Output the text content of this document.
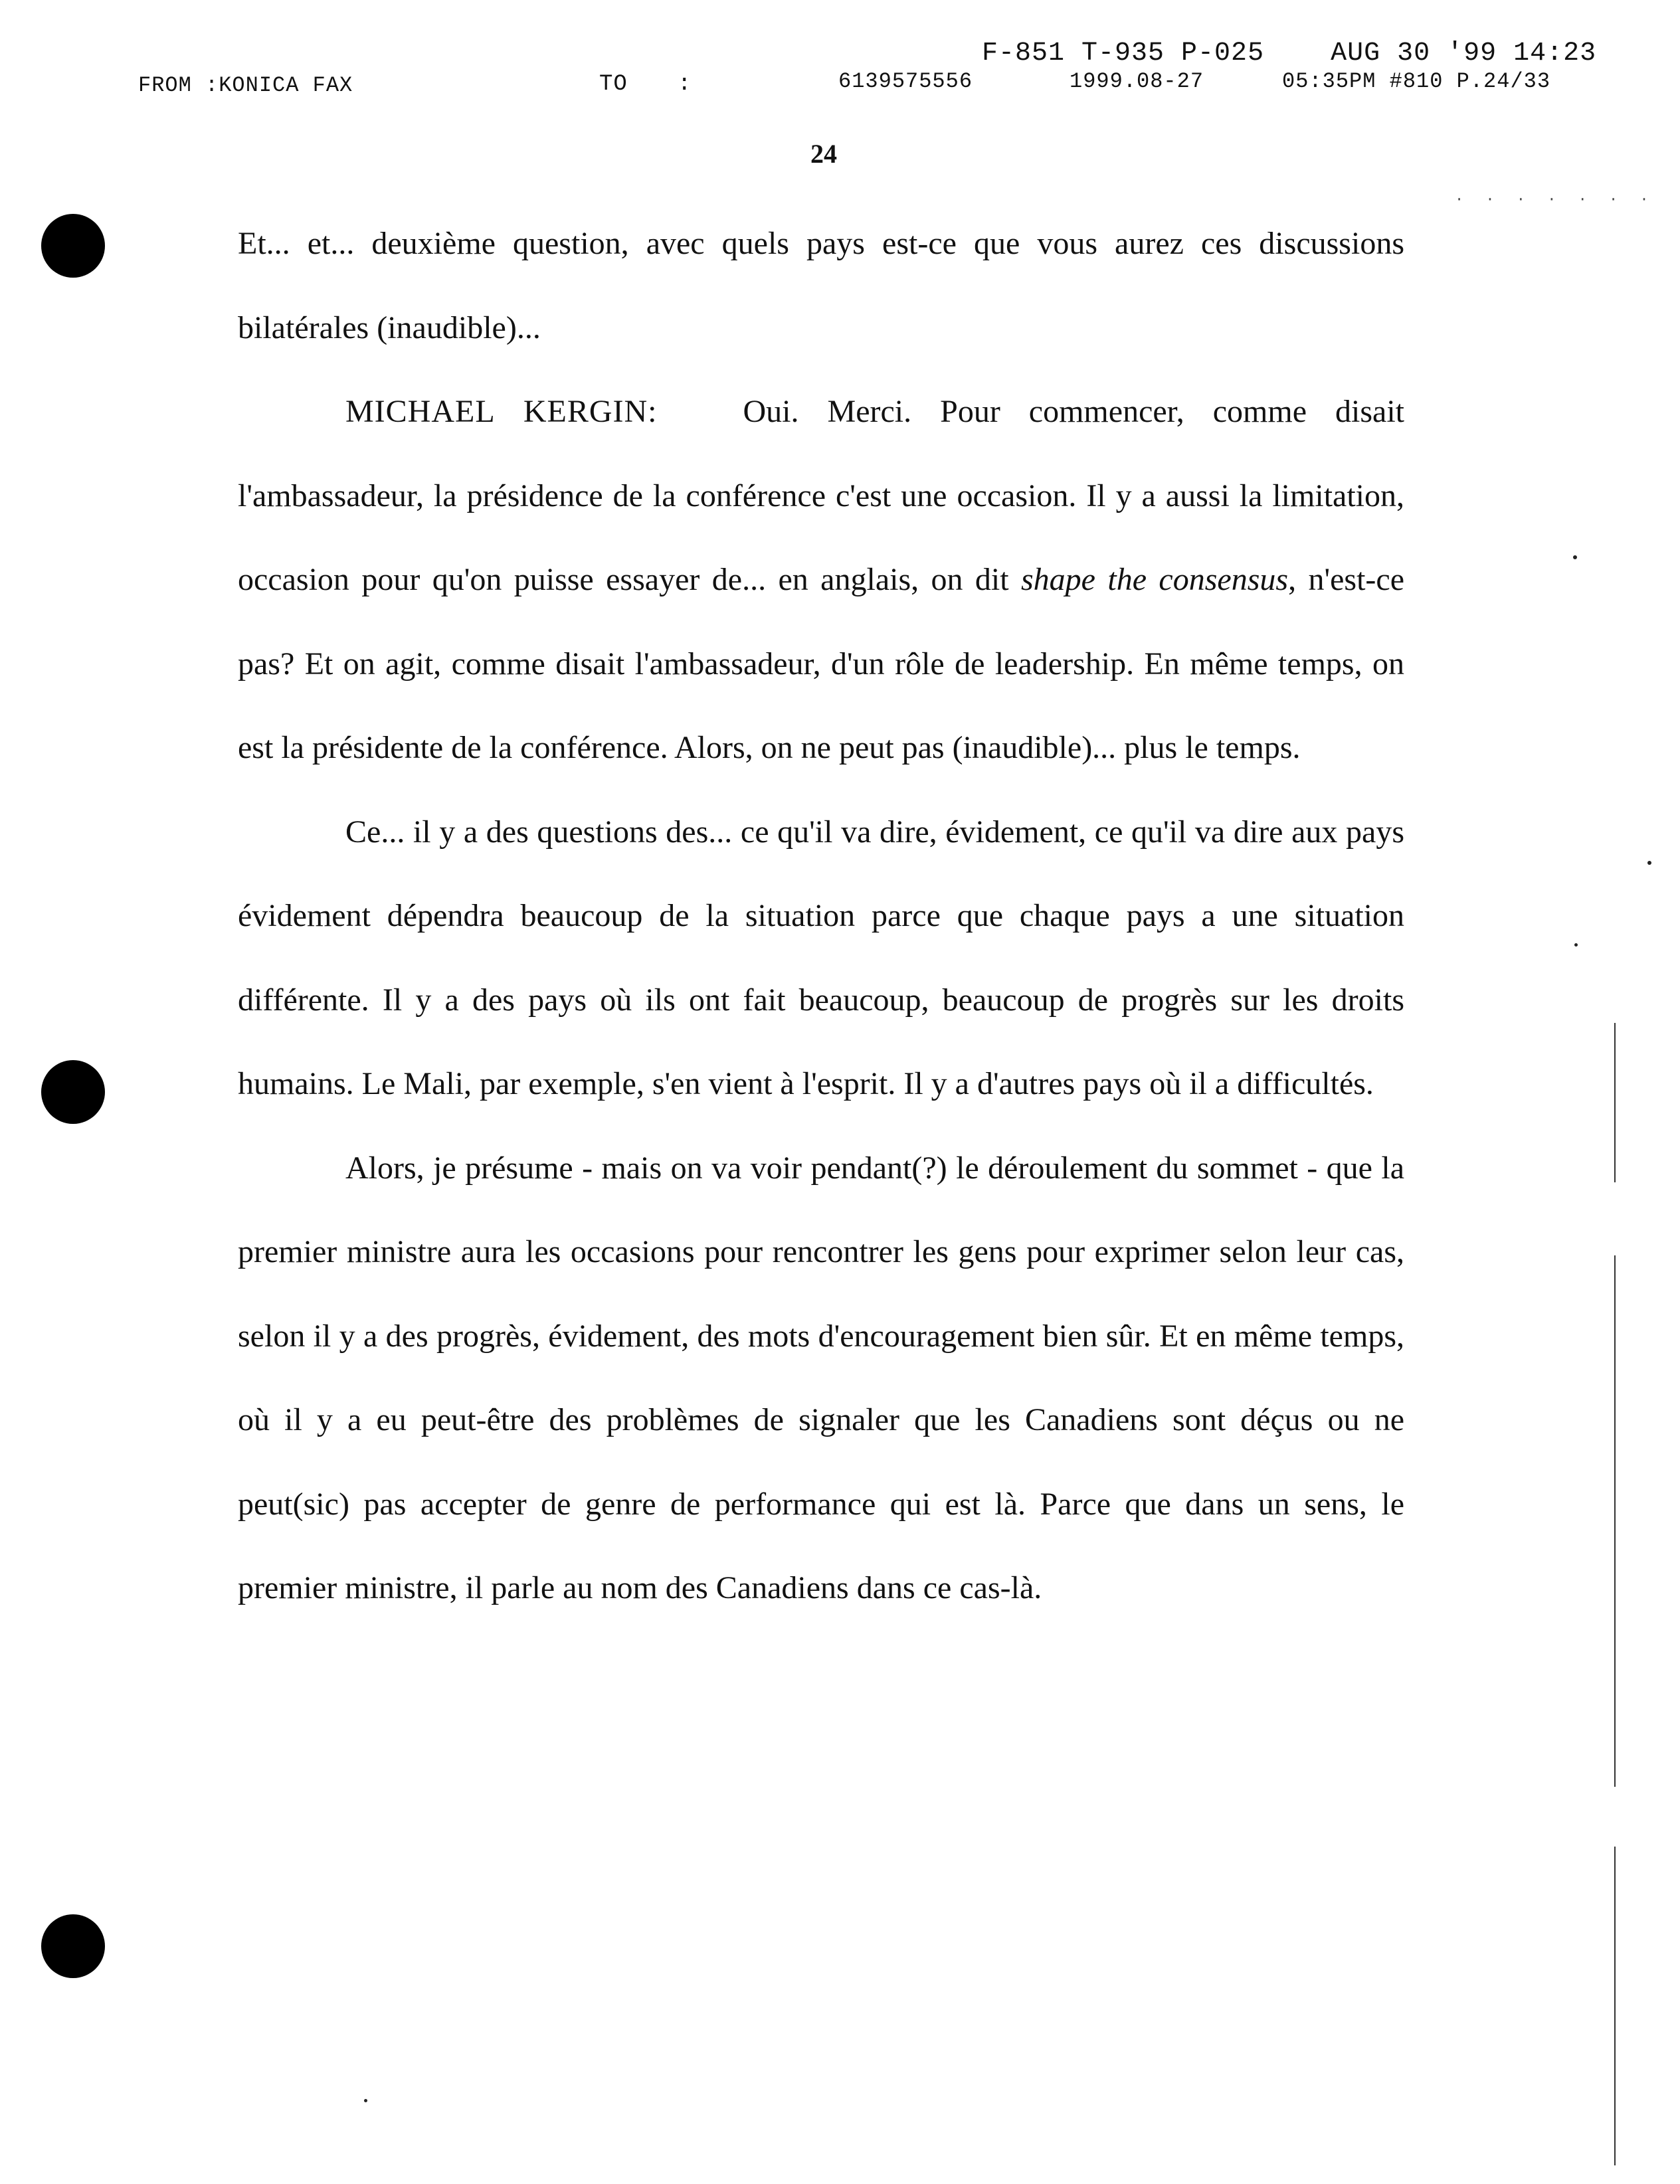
F-851 T-935 P-025    AUG 30 '99 14:23
FROM :KONICA FAX	TO :	6139575556	1999.08-27	05:35PM #810 P.24/33
24
· · · · · · ·

Et... et... deuxième question, avec quels pays est-ce que vous aurez ces discussions bilatérales (inaudible)...

MICHAEL KERGIN:	Oui. Merci. Pour commencer, comme disait l'ambassadeur, la présidence de la conférence c'est une occasion. Il y a aussi la limitation, occasion pour qu'on puisse essayer de... en anglais, on dit shape the consensus, n'est-ce pas? Et on agit, comme disait l'ambassadeur, d'un rôle de leadership. En même temps, on est la présidente de la conférence. Alors, on ne peut pas (inaudible)... plus le temps.

Ce... il y a des questions des... ce qu'il va dire, évidement, ce qu'il va dire aux pays évidement dépendra beaucoup de la situation parce que chaque pays a une situation différente. Il y a des pays où ils ont fait beaucoup, beaucoup de progrès sur les droits humains. Le Mali, par exemple, s'en vient à l'esprit. Il y a d'autres pays où il a difficultés.

Alors, je présume - mais on va voir pendant(?) le déroulement du sommet - que la premier ministre aura les occasions pour rencontrer les gens pour exprimer selon leur cas, selon il y a des progrès, évidement, des mots d'encouragement bien sûr. Et en même temps, où il y a eu peut-être des problèmes de signaler que les Canadiens sont déçus ou ne peut(sic) pas accepter de genre de performance qui est là. Parce que dans un sens, le premier ministre, il parle au nom des Canadiens dans ce cas-là.
